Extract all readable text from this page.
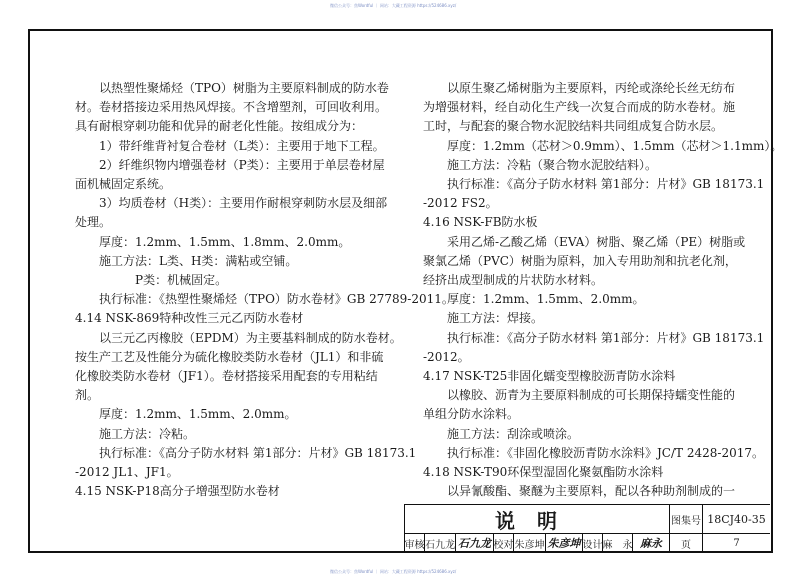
微信公众号：焦Wordful ｜ 网站：大藏工程资源 https://524686.xyz/
以热塑性聚烯烃（TPO）树脂为主要原料制成的防水卷
材。卷材搭接边采用热风焊接。不含增塑剂，可回收利用。
具有耐根穿刺功能和优异的耐老化性能。按组成分为：
1）带纤维背衬复合卷材（L类）：主要用于地下工程。
2）纤维织物内增强卷材（P类）：主要用于单层卷材屋
面机械固定系统。
3）均质卷材（H类）：主要用作耐根穿刺防水层及细部
处理。
厚度：1.2mm、1.5mm、1.8mm、2.0mm。
施工方法：L类、H类：满粘或空铺。
P类：机械固定。
执行标准：《热塑性聚烯烃（TPO）防水卷材》GB 27789-2011。
4.14 NSK-869特种改性三元乙丙防水卷材
以三元乙丙橡胶（EPDM）为主要基料制成的防水卷材。
按生产工艺及性能分为硫化橡胶类防水卷材（JL1）和非硫
化橡胶类防水卷材（JF1）。卷材搭接采用配套的专用粘结
剂。
厚度：1.2mm、1.5mm、2.0mm。
施工方法：冷粘。
执行标准：《高分子防水材料 第1部分：片材》GB 18173.1
-2012 JL1、JF1。
4.15 NSK-P18高分子增强型防水卷材
以原生聚乙烯树脂为主要原料，丙纶或涤纶长丝无纺布
为增强材料，经自动化生产线一次复合而成的防水卷材。施
工时，与配套的聚合物水泥胶结料共同组成复合防水层。
厚度：1.2mm（芯材＞0.9mm）、1.5mm（芯材＞1.1mm）。
施工方法：冷粘（聚合物水泥胶结料）。
执行标准：《高分子防水材料 第1部分：片材》GB 18173.1
-2012 FS2。
4.16 NSK-FB防水板
采用乙烯-乙酸乙烯（EVA）树脂、聚乙烯（PE）树脂或
聚氯乙烯（PVC）树脂为原料，加入专用助剂和抗老化剂，
经挤出成型制成的片状防水材料。
厚度：1.2mm、1.5mm、2.0mm。
施工方法：焊接。
执行标准：《高分子防水材料 第1部分：片材》GB 18173.1
-2012。
4.17 NSK-T25非固化蠕变型橡胶沥青防水涂料
以橡胶、沥青为主要原料制成的可长期保持蠕变性能的
单组分防水涂料。
施工方法：刮涂或喷涂。
执行标准：《非固化橡胶沥青防水涂料》JC/T 2428-2017。
4.18 NSK-T90环保型湿固化聚氨酯防水涂料
以异氰酸酯、聚醚为主要原料，配以各种助剂制成的一
说明	图集号 18CJ40-35
审核 石九龙 石九龙 校对 朱彦坤 朱彦坤 设计 麻　永 麻永	页	7
微信公众号：焦Wordful ｜ 网站：大藏工程资源 https://524686.xyz/
